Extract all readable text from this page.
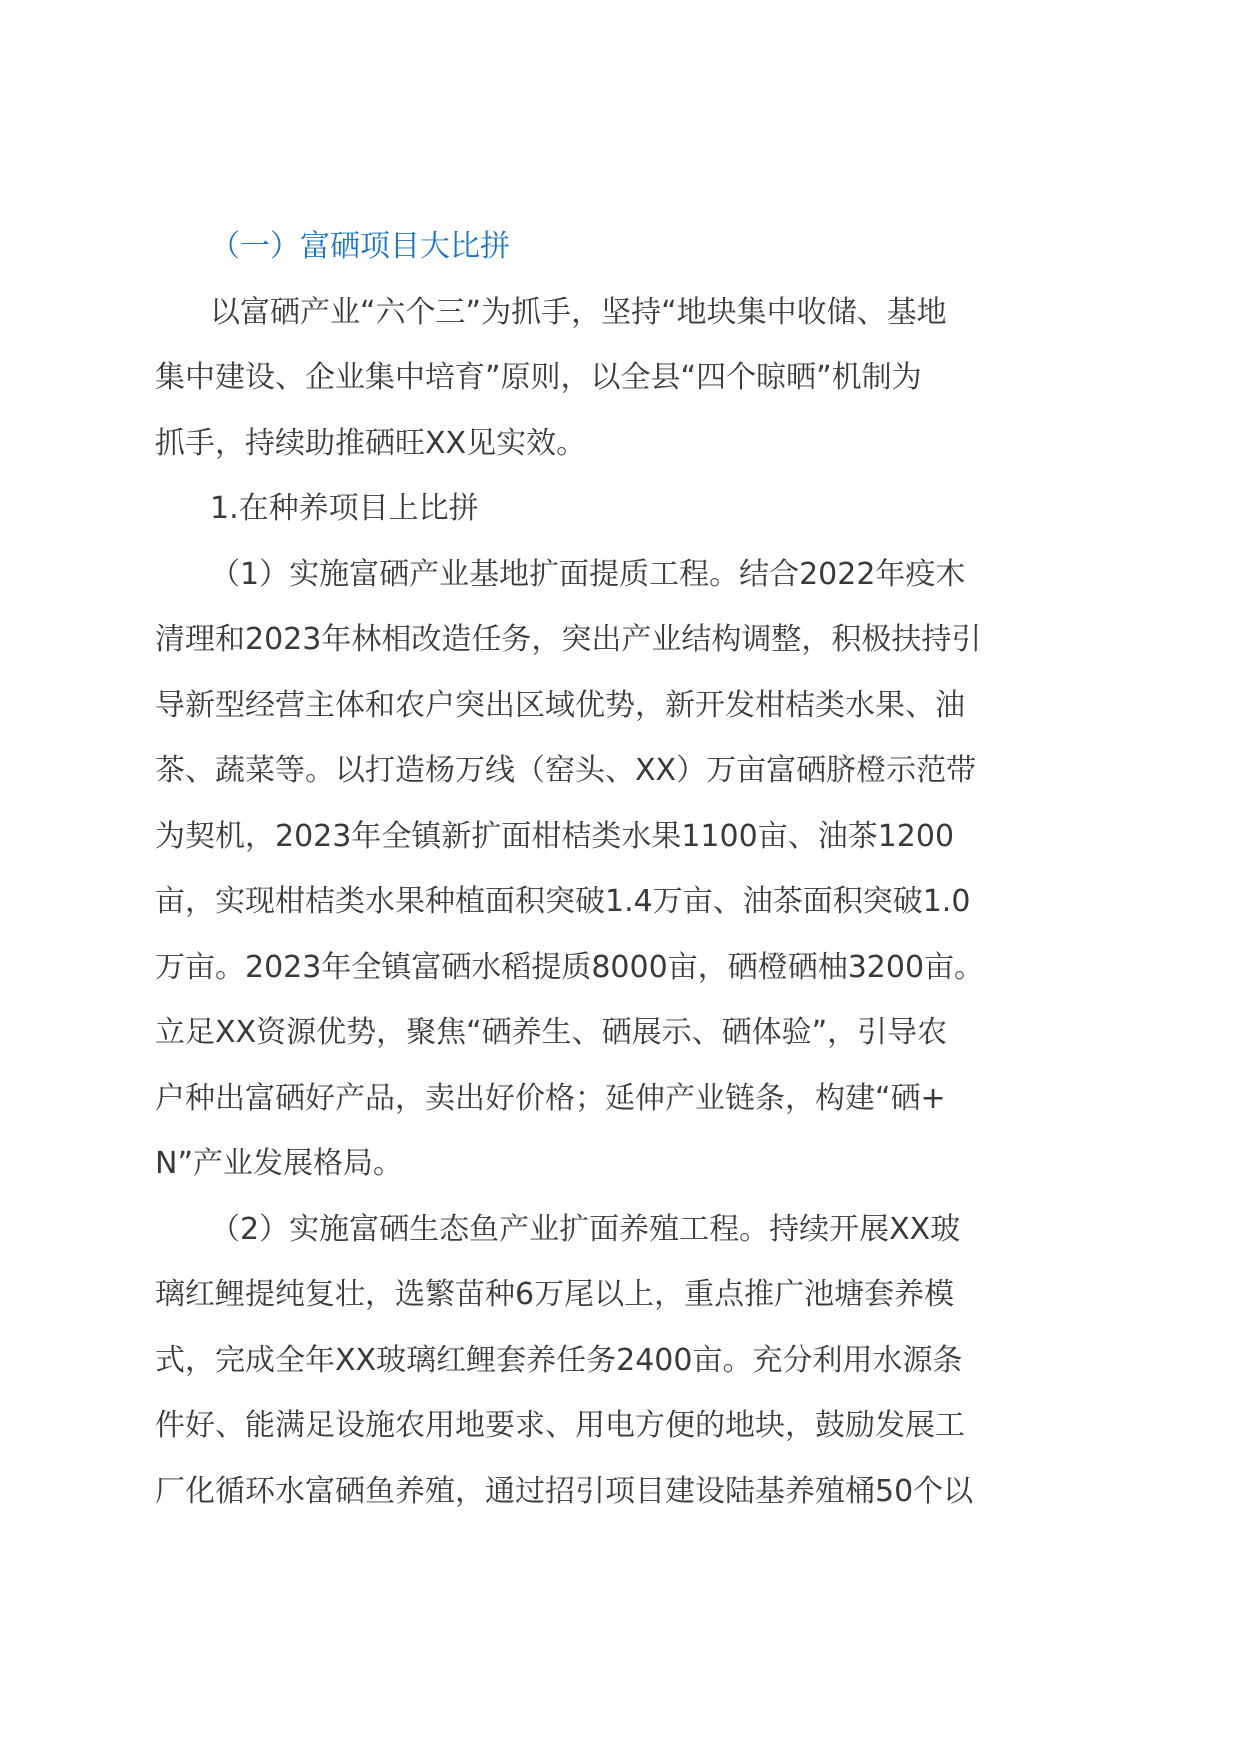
（一）富硒项目大比拼

以富硒产业“六个三”为抓手，坚持“地块集中收储、基地
集中建设、企业集中培育”原则，以全县“四个晾晒”机制为
抓手，持续助推硒旺XX见实效。

1.在种养项目上比拼

（1）实施富硒产业基地扩面提质工程。结合2022年疫木
清理和2023年林相改造任务，突出产业结构调整，积极扶持引
导新型经营主体和农户突出区域优势，新开发柑桔类水果、油
茶、蔬菜等。以打造杨万线（窑头、XX）万亩富硒脐橙示范带
为契机，2023年全镇新扩面柑桔类水果1100亩、油茶1200
亩，实现柑桔类水果种植面积突破1.4万亩、油茶面积突破1.0
万亩。2023年全镇富硒水稻提质8000亩，硒橙硒柚3200亩。
立足XX资源优势，聚焦“硒养生、硒展示、硒体验”，引导农
户种出富硒好产品，卖出好价格；延伸产业链条，构建“硒+
N”产业发展格局。

（2）实施富硒生态鱼产业扩面养殖工程。持续开展XX玻
璃红鲤提纯复壮，选繁苗种6万尾以上，重点推广池塘套养模
式，完成全年XX玻璃红鲤套养任务2400亩。充分利用水源条
件好、能满足设施农用地要求、用电方便的地块，鼓励发展工
厂化循环水富硒鱼养殖，通过招引项目建设陆基养殖桶50个以
